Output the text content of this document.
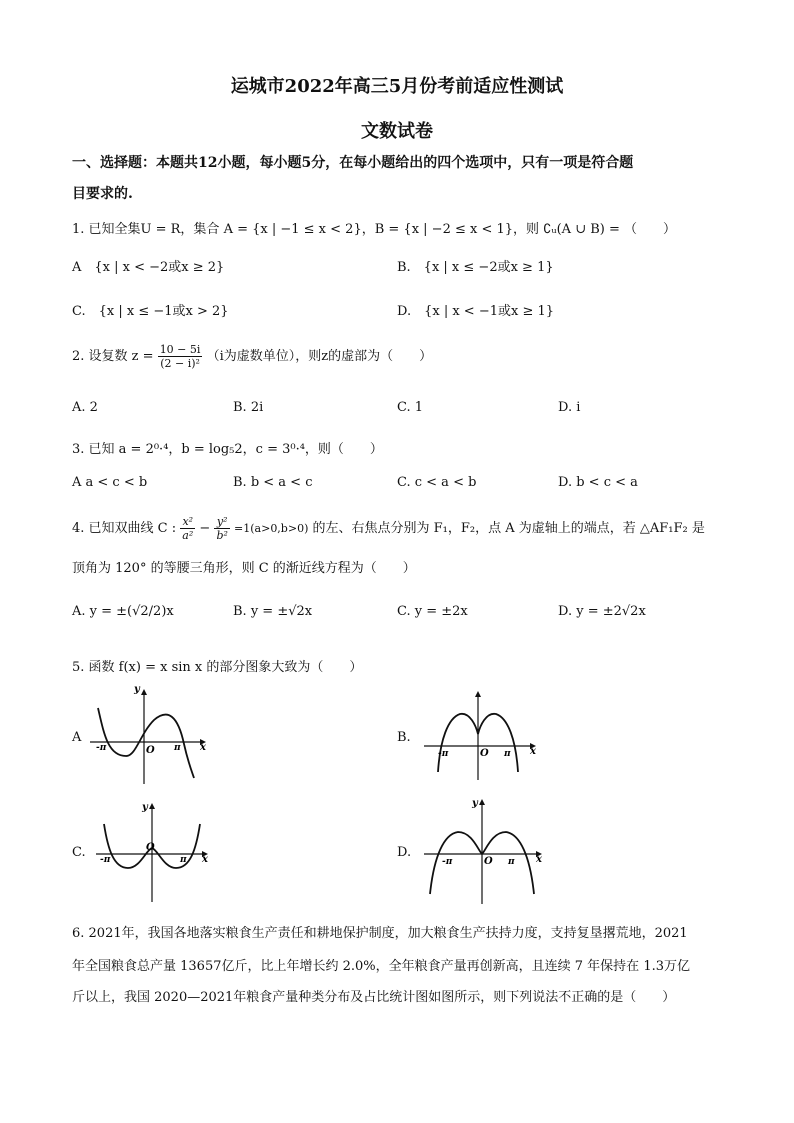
运城市2022年高三5月份考前适应性测试
文数试卷
一、选择题：本题共12小题，每小题5分，在每小题给出的四个选项中，只有一项是符合题
目要求的.
1. 已知全集U = R，集合 A = {x | −1 ≤ x < 2}，B = {x | −2 ≤ x < 1}，则 ∁ᵤ(A ∪ B) = （　　）
A　{x | x < −2或x ≥ 2}	B.　{x | x ≤ −2或x ≥ 1}
C.　{x | x ≤ −1或x > 2}	D.　{x | x < −1或x ≥ 1}
2. 设复数 $z = \frac{10 - 5i}{\text{(2 − i)²}} (i$为虚数单位），则z的虚部为（　　）
A. 2	B. 2i	C. 1	D. i
3. 已知 a = 2⁰·⁴，b = log₅2，c = 3⁰·⁴，则（　　）
A a < c < b	B. b < a < c	C. c < a < b	D. b < c < a
4. 已知双曲线 C : $\frac{\text{x²}}{\text{a²}} - \frac{\text{y²}}{\text{b²}} =1(a>0,b>0)$ 的左、右焦点分别为 F₁，F₂，点 A 为虚轴上的端点，若 △AF₁F₂ 是
顶角为 120° 的等腰三角形，则 C 的渐近线方程为（　　）
A. y = ±(√2/2)x	B. y = ±√2x	C. y = ±2x	D. y = ±2√2x
5. 函数 f(x) = x sin x 的部分图象大致为（　　）
A	B.
C.	D.
y
x
O
-π	π
-π	O π x
y
x
O
-π	π
y
x
O
-π	π
6. 2021年，我国各地落实粮食生产责任和耕地保护制度，加大粮食生产扶持力度，支持复垦撂荒地，2021
年全国粮食总产量 13657亿斤，比上年增长约 2.0%，全年粮食产量再创新高，且连续 7 年保持在 1.3万亿
斤以上，我国 2020—2021年粮食产量种类分布及占比统计图如图所示，则下列说法不正确的是（　　）
